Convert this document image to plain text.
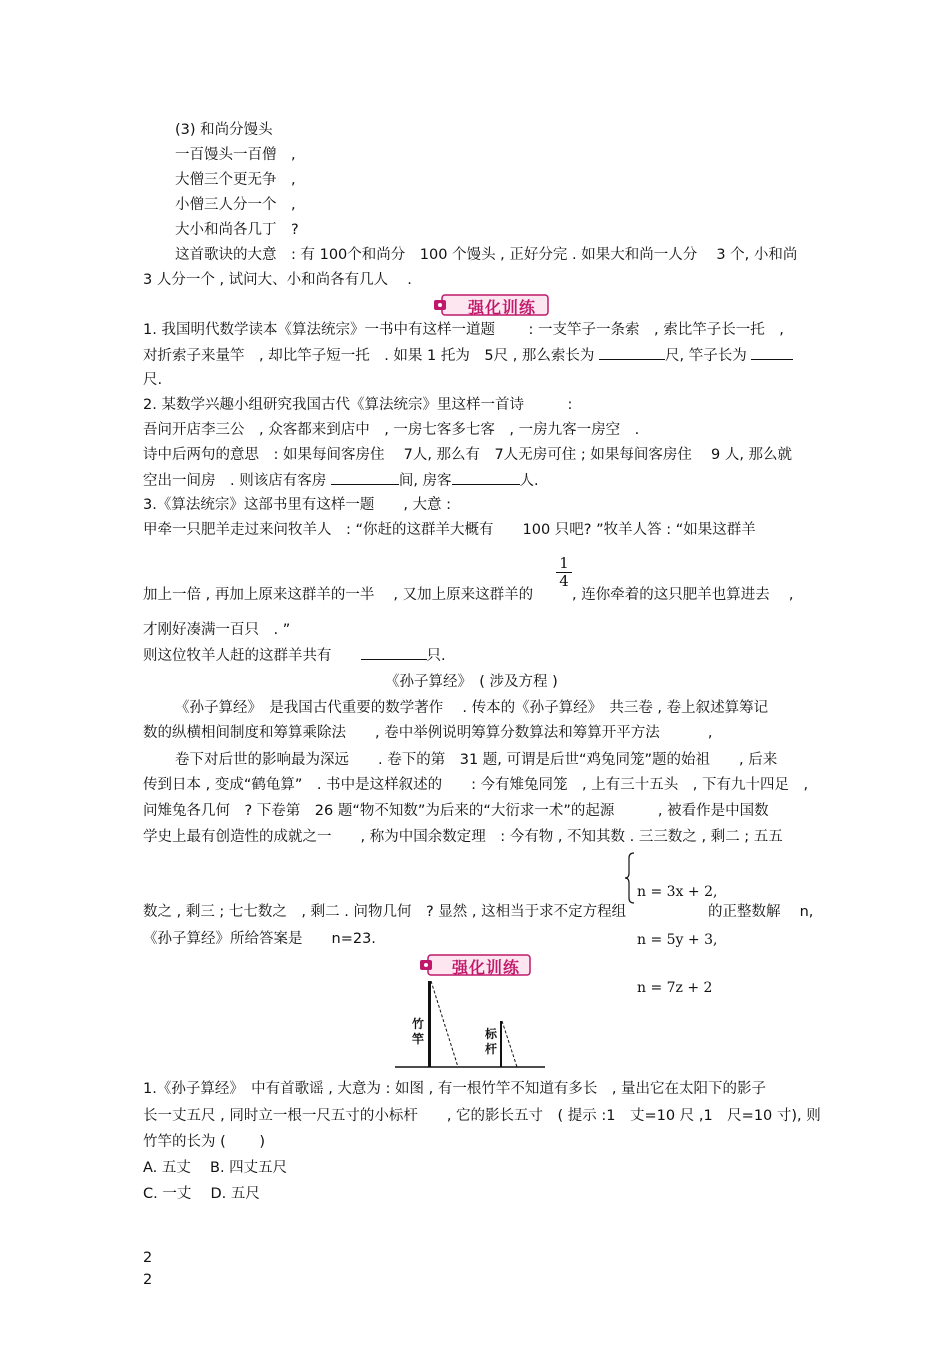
(3) 和尚分馒头
一百馒头一百僧　,
大僧三个更无争　,
小僧三人分一个　,
大小和尚各几丁　?
这首歌诀的大意　: 有 100个和尚分　100 个馒头 , 正好分完 . 如果大和尚一人分　 3 个, 小和尚
3 人分一个 , 试问大、小和尚各有几人　 .
强化训练
1. 我国明代数学读本《算法统宗》一书中有这样一道题　　 : 一支竿子一条索　, 索比竿子长一托　,
对折索子来量竿　, 却比竿子短一托　. 如果 1 托为　5尺 , 那么索长为	尺, 竿子长为
尺.
2. 某数学兴趣小组研究我国古代《算法统宗》里这样一首诗　　　:
吾问开店李三公　, 众客都来到店中　, 一房七客多七客　, 一房九客一房空　.
诗中后两句的意思　: 如果每间客房住　 7人, 那么有　7人无房可住 ; 如果每间客房住　 9 人, 那么就
空出一间房　. 则该店有客房	间, 房客	人.
3.《算法统宗》这部书里有这样一题　　, 大意 :
甲牵一只肥羊走过来问牧羊人　: “你赶的这群羊大概有　　100 只吧? ”牧羊人答 : “如果这群羊
1
4
加上一倍 , 再加上原来这群羊的一半　 , 又加上原来这群羊的	, 连你牵着的这只肥羊也算进去　 ,
才刚好凑满一百只　. ”
则这位牧羊人赶的这群羊共有　　	只.
《孙子算经》　( 涉及方程 )
《孙子算经》　是我国古代重要的数学著作　 . 传本的《孙子算经》　共三卷 , 卷上叙述算筹记
数的纵横相间制度和筹算乘除法　　, 卷中举例说明筹算分数算法和筹算开平方法　　　 ,
卷下对后世的影响最为深远　　. 卷下的第　31 题, 可谓是后世“鸡兔同笼”题的始祖　　, 后来
传到日本 , 变成“鹤龟算”　. 书中是这样叙述的　　: 今有雉兔同笼　, 上有三十五头　, 下有九十四足　,
问雉兔各几何　? 下卷第　26 题“物不知数”为后来的“大衍求一术”的起源　　　, 被看作是中国数
学史上最有创造性的成就之一　　, 称为中国余数定理　: 今有物 , 不知其数 . 三三数之 , 剩二 ; 五五

n = 3x + 2,

n = 5y + 3,

n = 7z + 2

数之 , 剩三 ; 七七数之　, 剩二 . 问物几何　? 显然 , 这相当于求不定方程组	的正整数解　 n,
《孙子算经》所给答案是　　n=23.
强化训练
竹竿	标杆
1.《孙子算经》　中有首歌谣 , 大意为 : 如图 , 有一根竹竿不知道有多长　, 量出它在太阳下的影子
长一丈五尺 , 同时立一根一尺五寸的小标杆　　, 它的影长五寸　( 提示 :1　丈=10 尺 ,1　尺=10 寸), 则
竹竿的长为 (　　 )
A. 五丈　 B. 四丈五尺
C. 一丈　 D. 五尺
2
2
